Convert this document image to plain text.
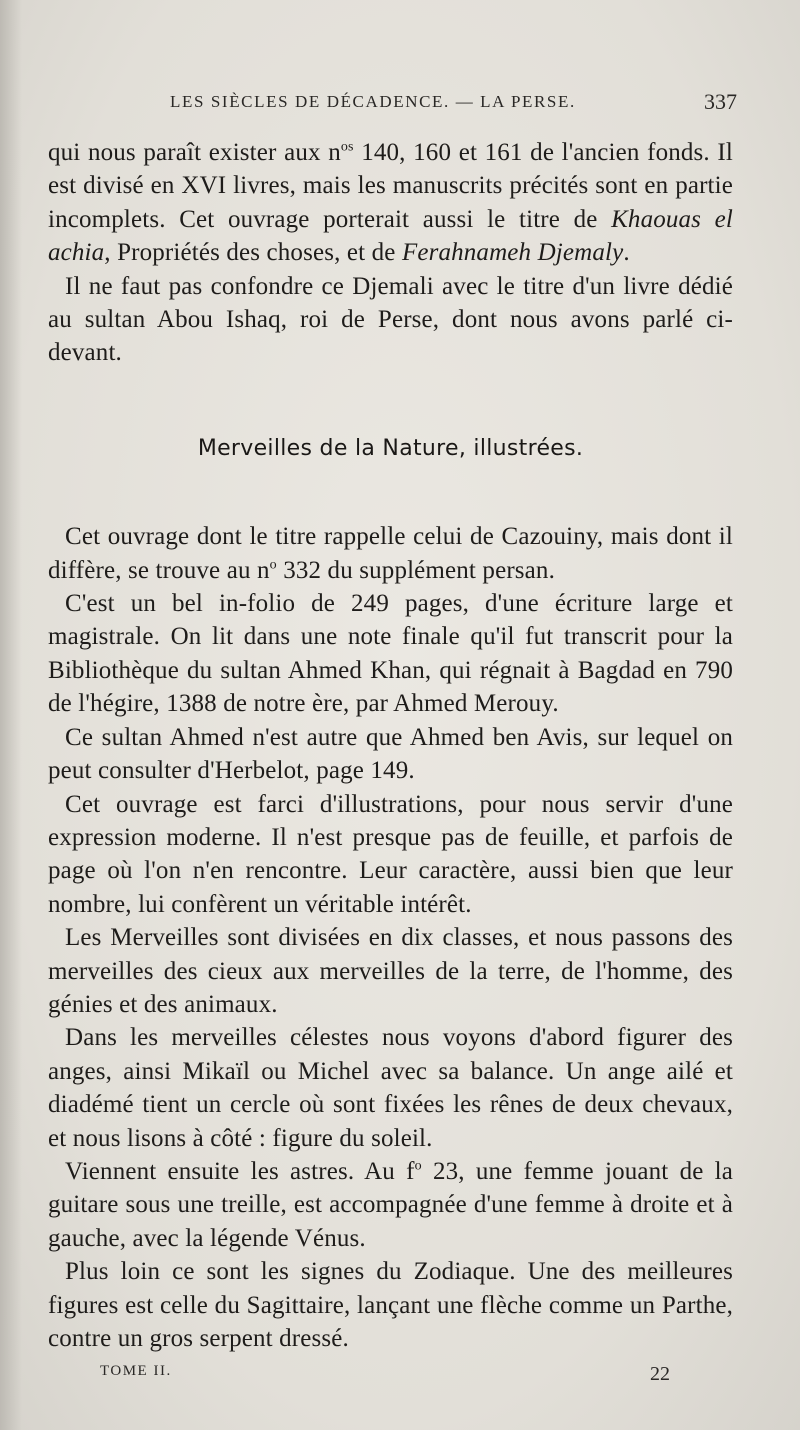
LES SIÈCLES DE DÉCADENCE. — LA PERSE.	337

qui nous paraît exister aux $n^{os}$ 140, 160 et 161 de l'ancien fonds. Il est divisé en XVI livres, mais les manuscrits précités sont en partie incomplets. Cet ouvrage porterait aussi le titre de Khaouas el achia, Propriétés des choses, et de Ferahnameh Djemaly.

Il ne faut pas confondre ce Djemali avec le titre d'un livre dédié au sultan Abou Ishaq, roi de Perse, dont nous avons parlé ci-devant.

Merveilles de la Nature, illustrées.

Cet ouvrage dont le titre rappelle celui de Cazouiny, mais dont il diffère, se trouve au $n^o$ 332 du supplément persan.

C'est un bel in-folio de 249 pages, d'une écriture large et magistrale. On lit dans une note finale qu'il fut transcrit pour la Bibliothèque du sultan Ahmed Khan, qui régnait à Bagdad en 790 de l'hégire, 1388 de notre ère, par Ahmed Merouy.

Ce sultan Ahmed n'est autre que Ahmed ben Avis, sur lequel on peut consulter d'Herbelot, page 149.

Cet ouvrage est farci d'illustrations, pour nous servir d'une expression moderne. Il n'est presque pas de feuille, et parfois de page où l'on n'en rencontre. Leur caractère, aussi bien que leur nombre, lui confèrent un véritable intérêt.

Les Merveilles sont divisées en dix classes, et nous passons des merveilles des cieux aux merveilles de la terre, de l'homme, des génies et des animaux.

Dans les merveilles célestes nous voyons d'abord figurer des anges, ainsi Mikaïl ou Michel avec sa balance. Un ange ailé et diadémé tient un cercle où sont fixées les rênes de deux chevaux, et nous lisons à côté : figure du soleil.

Viennent ensuite les astres. Au $f^o$ 23, une femme jouant de la guitare sous une treille, est accompagnée d'une femme à droite et à gauche, avec la légende Vénus.

Plus loin ce sont les signes du Zodiaque. Une des meilleures figures est celle du Sagittaire, lançant une flèche comme un Parthe, contre un gros serpent dressé.

TOME II.	22
